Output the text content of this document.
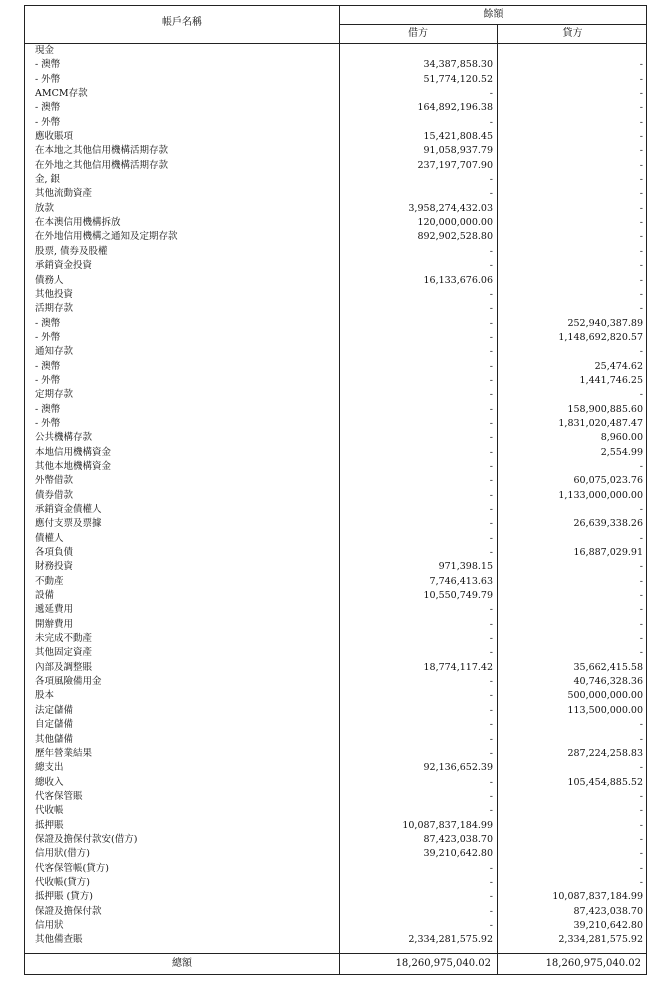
帳戶名稱
餘額
借方	貸方
現金
- 澳幣	34,387,858.30	-
- 外幣	51,774,120.52	-
AMCM存款	-	-
- 澳幣	164,892,196.38	-
- 外幣	-	-
應收賬項	15,421,808.45	-
在本地之其他信用機構活期存款	91,058,937.79	-
在外地之其他信用機構活期存款	237,197,707.90	-
金, 銀	-	-
其他流動資產	-	-
放款	3,958,274,432.03	-
在本澳信用機構拆放	120,000,000.00	-
在外地信用機構之通知及定期存款	892,902,528.80	-
股票, 債券及股權	-	-
承銷資金投資	-	-
債務人	16,133,676.06	-
其他投資	-	-
活期存款	-	-
- 澳幣	-	252,940,387.89
- 外幣	-	1,148,692,820.57
通知存款	-	-
- 澳幣	-	25,474.62
- 外幣	-	1,441,746.25
定期存款	-	-
- 澳幣	-	158,900,885.60
- 外幣	-	1,831,020,487.47
公共機構存款	-	8,960.00
本地信用機構資金	-	2,554.99
其他本地機構資金	-	-
外幣借款	-	60,075,023.76
債券借款	-	1,133,000,000.00
承銷資金債權人	-	-
應付支票及票據	-	26,639,338.26
債權人	-	-
各項負債	-	16,887,029.91
財務投資	971,398.15	-
不動產	7,746,413.63	-
設備	10,550,749.79	-
遞延費用	-	-
開辦費用	-	-
未完成不動產	-	-
其他固定資產	-	-
內部及調整賬	18,774,117.42	35,662,415.58
各項風險備用金	-	40,746,328.36
股本	-	500,000,000.00
法定儲備	-	113,500,000.00
自定儲備	-	-
其他儲備	-	-
歷年營業結果	-	287,224,258.83
總支出	92,136,652.39	-
總收入	-	105,454,885.52
代客保管賬	-	-
代收帳	-	-
抵押賬	10,087,837,184.99	-
保證及擔保付款安(借方)	87,423,038.70	-
信用狀(借方)	39,210,642.80	-
代客保管帳(貸方)	-	-
代收帳(貸方)	-	-
抵押賬 (貸方)	-	10,087,837,184.99
保證及擔保付款	-	87,423,038.70
信用狀	-	39,210,642.80
其他備查賬	2,334,281,575.92	2,334,281,575.92
總額	18,260,975,040.02	18,260,975,040.02
